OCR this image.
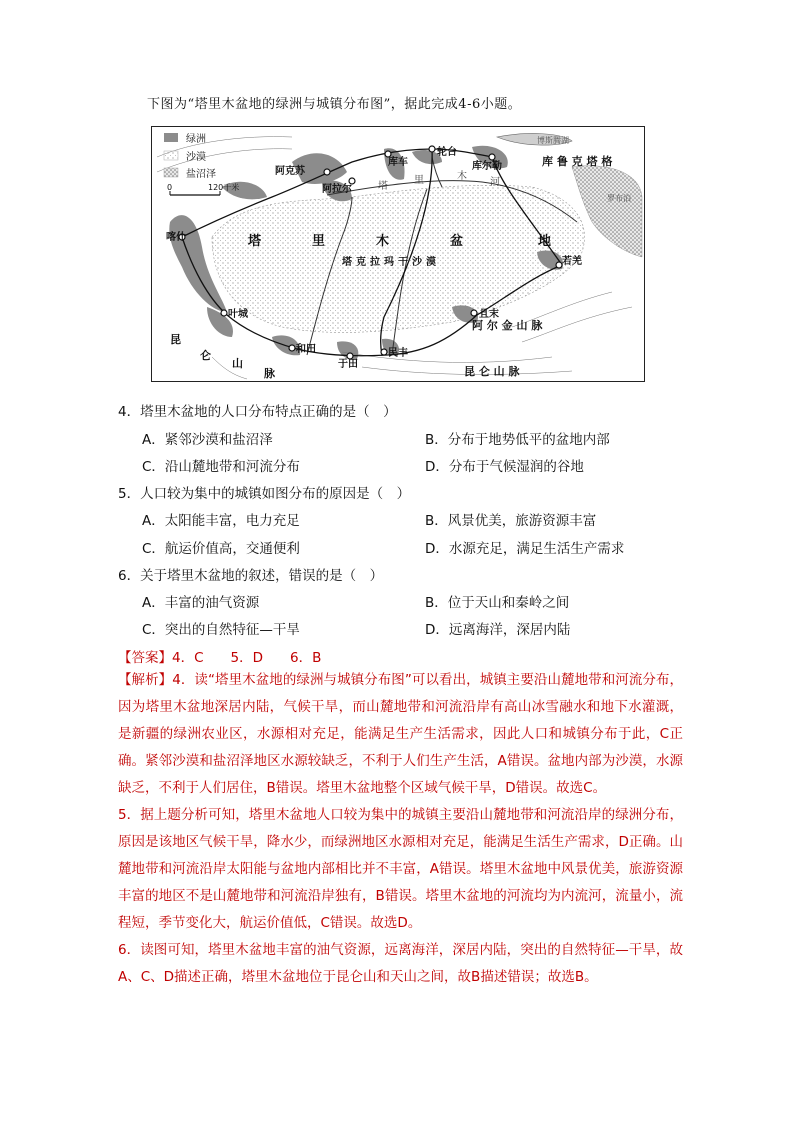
下图为“塔里木盆地的绿洲与城镇分布图”，据此完成4-6小题。
绿洲
沙漠
盐沼泽
0	120千米
阿克苏
阿拉尔
库车
轮台
库尔勒
喀什
叶城
和田
于田
民丰
且末
若羌
塔	里	木	盆	地
塔克拉玛干沙漠
阿 尔 金 山 脉
库 鲁 克 塔 格
罗布泊
博斯腾湖
昆 仑 山 脉
昆
仑
山
脉
塔
里	木
河
4．塔里木盆地的人口分布特点正确的是（　）
A．紧邻沙漠和盐沼泽	B．分布于地势低平的盆地内部
C．沿山麓地带和河流分布	D．分布于气候湿润的谷地
5．人口较为集中的城镇如图分布的原因是（　）
A．太阳能丰富，电力充足	B．风景优美，旅游资源丰富
C．航运价值高，交通便利	D．水源充足，满足生活生产需求
6．关于塔里木盆地的叙述，错误的是（　）
A．丰富的油气资源	B．位于天山和秦岭之间
C．突出的自然特征—干旱	D．远离海洋，深居内陆
【答案】4．C　　5．D　　6．B
【解析】4．读“塔里木盆地的绿洲与城镇分布图”可以看出，城镇主要沿山麓地带和河流分布，因为塔里木盆地深居内陆，气候干旱，而山麓地带和河流沿岸有高山冰雪融水和地下水灌溉，是新疆的绿洲农业区，水源相对充足，能满足生产生活需求，因此人口和城镇分布于此，C正确。紧邻沙漠和盐沼泽地区水源较缺乏，不利于人们生产生活，A错误。盆地内部为沙漠，水源缺乏，不利于人们居住，B错误。塔里木盆地整个区域气候干旱，D错误。故选C。
5．据上题分析可知，塔里木盆地人口较为集中的城镇主要沿山麓地带和河流沿岸的绿洲分布，原因是该地区气候干旱，降水少，而绿洲地区水源相对充足，能满足生活生产需求，D正确。山麓地带和河流沿岸太阳能与盆地内部相比并不丰富，A错误。塔里木盆地中风景优美，旅游资源丰富的地区不是山麓地带和河流沿岸独有，B错误。塔里木盆地的河流均为内流河，流量小，流程短，季节变化大，航运价值低，C错误。故选D。
6．读图可知，塔里木盆地丰富的油气资源，远离海洋，深居内陆，突出的自然特征—干旱，故A、C、D描述正确，塔里木盆地位于昆仑山和天山之间，故B描述错误；故选B。
